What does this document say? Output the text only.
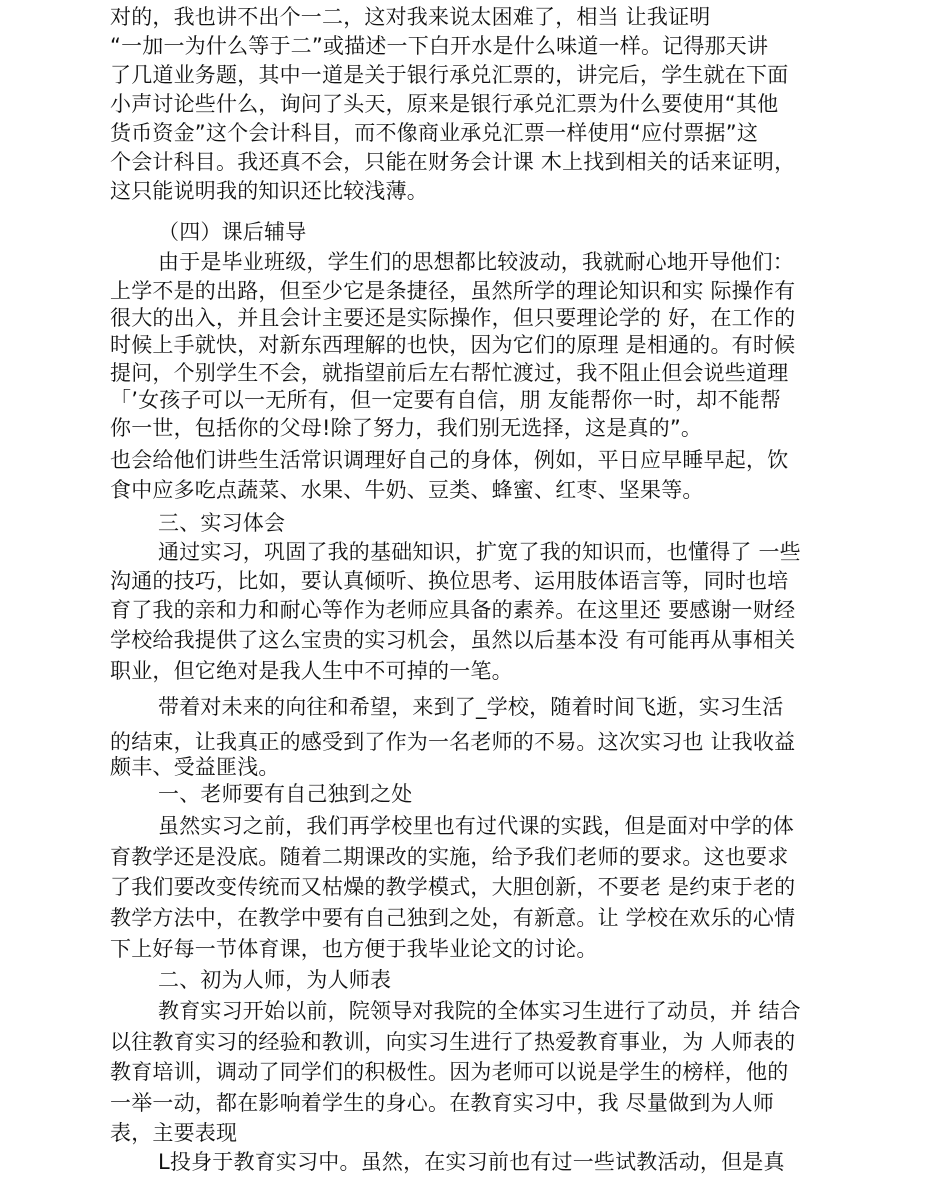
对的，我也讲不出个一二，这对我来说太困难了，相当 让我证明
“一加一为什么等于二”或描述一下白开水是什么味道一样。记得那天讲
了几道业务题，其中一道是关于银行承兑汇票的，讲完后，学生就在下面
小声讨论些什么，询问了头天，原来是银行承兑汇票为什么要使用“其他
货币资金”这个会计科目，而不像商业承兑汇票一样使用“应付票据”这
个会计科目。我还真不会，只能在财务会计课 木上找到相关的话来证明，
这只能说明我的知识还比较浅薄。
（四）课后辅导
由于是毕业班级，学生们的思想都比较波动，我就耐心地开导他们：
上学不是的出路，但至少它是条捷径，虽然所学的理论知识和实 际操作有
很大的出入，并且会计主要还是实际操作，但只要理论学的 好，在工作的
时候上手就快，对新东西理解的也快，因为它们的原理 是相通的。有时候
提问，个别学生不会，就指望前后左右帮忙渡过，我不阻止但会说些道理
「’女孩子可以一无所有，但一定要有自信，朋 友能帮你一时，却不能帮
你一世，包括你的父母!除了努力，我们别无选择，这是真的”。
也会给他们讲些生活常识调理好自己的身体，例如，平日应早睡早起，饮
食中应多吃点蔬菜、水果、牛奶、豆类、蜂蜜、红枣、坚果等。
三、实习体会
通过实习，巩固了我的基础知识，扩宽了我的知识而，也懂得了 一些
沟通的技巧，比如，要认真倾听、换位思考、运用肢体语言等，同时也培
育了我的亲和力和耐心等作为老师应具备的素养。在这里还 要感谢一财经
学校给我提供了这么宝贵的实习机会，虽然以后基本没 有可能再从事相关
职业，但它绝对是我人生中不可掉的一笔。
带着对未来的向往和希望，来到了_学校，随着时间飞逝，实习生活
的结束，让我真正的感受到了作为一名老师的不易。这次实习也 让我收益
颇丰、受益匪浅。
一、老师要有自己独到之处
虽然实习之前，我们再学校里也有过代课的实践，但是面对中学的体
育教学还是没底。随着二期课改的实施，给予我们老师的要求。这也要求
了我们要改变传统而又枯燥的教学模式，大胆创新，不要老 是约束于老的
教学方法中，在教学中要有自己独到之处，有新意。让 学校在欢乐的心情
下上好每一节体育课，也方便于我毕业论文的讨论。
二、初为人师，为人师表
教育实习开始以前，院领导对我院的全体实习生进行了动员，并 结合
以往教育实习的经验和教训，向实习生进行了热爱教育事业，为 人师表的
教育培训，调动了同学们的积极性。因为老师可以说是学生的榜样，他的
一举一动，都在影响着学生的身心。在教育实习中，我 尽量做到为人师
表，主要表现
L投身于教育实习中。虽然，在实习前也有过一些试教活动，但是真
